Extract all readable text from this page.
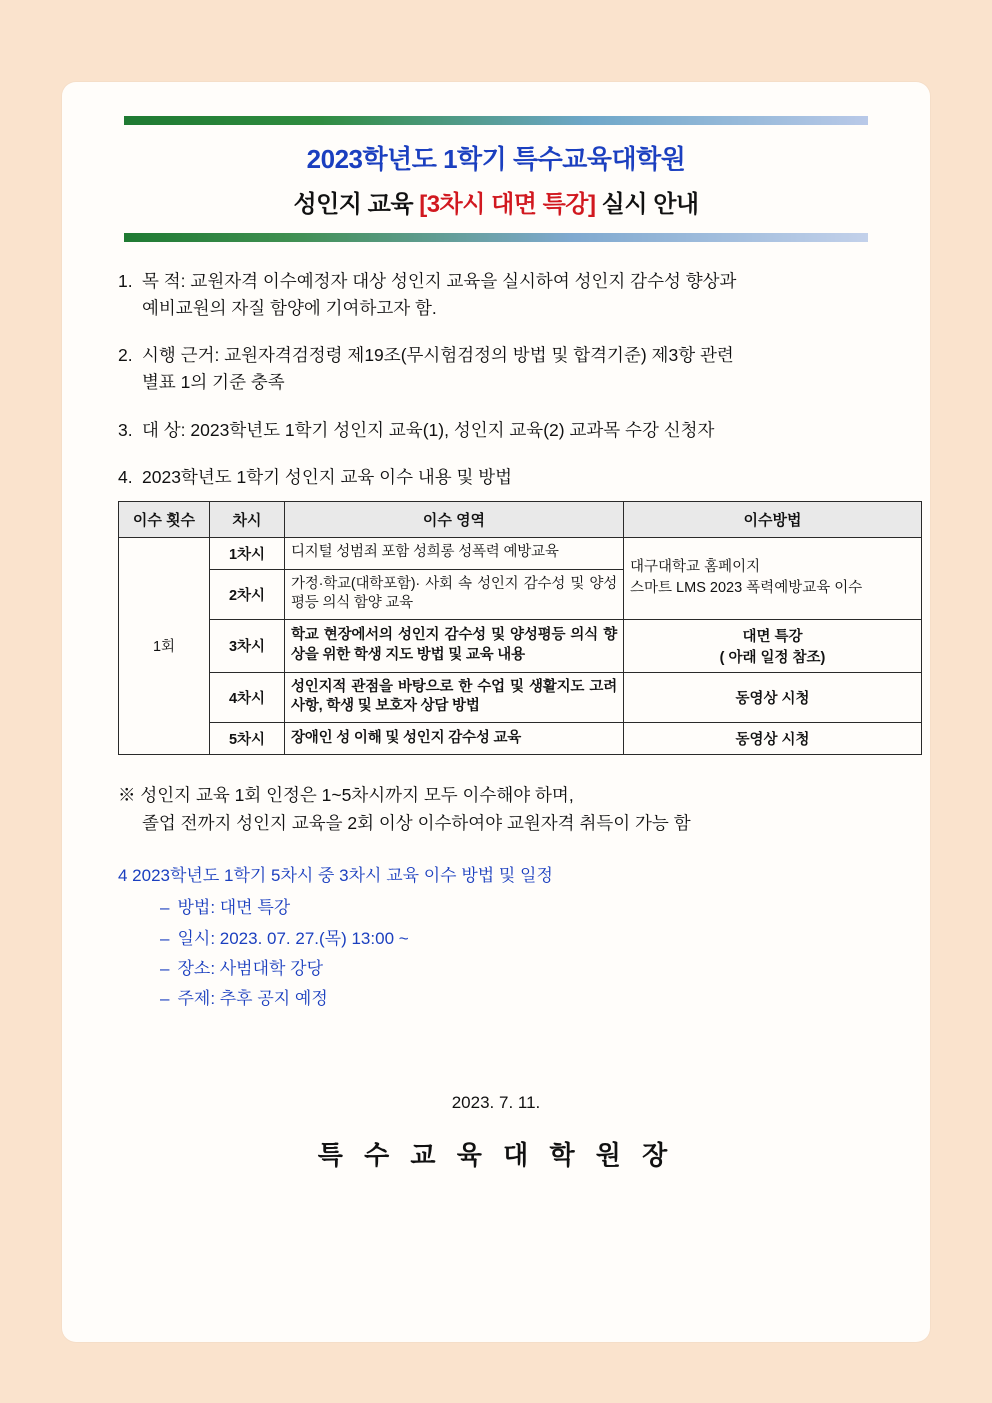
2023학년도 1학기 특수교육대학원
성인지 교육 [3차시 대면 특강] 실시 안내
1. 목 적: 교원자격 이수예정자 대상 성인지 교육을 실시하여 성인지 감수성 향상과
예비교원의 자질 함양에 기여하고자 함.
2. 시행 근거: 교원자격검정령 제19조(무시험검정의 방법 및 합격기준) 제3항 관련
별표 1의 기준 충족
3. 대 상: 2023학년도 1학기 성인지 교육(1), 성인지 교육(2) 교과목 수강 신청자
4. 2023학년도 1학기 성인지 교육 이수 내용 및 방법
이수 횟수	차시	이수 영역	이수방법
1회	1차시	디지털 성범죄 포함 성희롱 성폭력 예방교육	대구대학교 홈페이지
스마트 LMS 2023 폭력예방교육 이수
	2차시	가정·학교(대학포함)· 사회 속 성인지 감수성 및 양성평등 의식 함양 교육	
	3차시	학교 현장에서의 성인지 감수성 및 양성평등 의식 향상을 위한 학생 지도 방법 및 교육 내용	대면 특강
( 아래 일정 참조)
	4차시	성인지적 관점을 바탕으로 한 수업 및 생활지도 고려사항, 학생 및 보호자 상담 방법	동영상 시청
	5차시	장애인 성 이해 및 성인지 감수성 교육	동영상 시청
※ 성인지 교육 1회 인정은 1~5차시까지 모두 이수해야 하며,
졸업 전까지 성인지 교육을 2회 이상 이수하여야 교원자격 취득이 가능 함
4 2023학년도 1학기 5차시 중 3차시 교육 이수 방법 및 일정
– 방법: 대면 특강
– 일시: 2023. 07. 27.(목) 13:00 ~
– 장소: 사범대학 강당
– 주제: 추후 공지 예정
2023. 7. 11.
특 수 교 육 대 학 원 장
